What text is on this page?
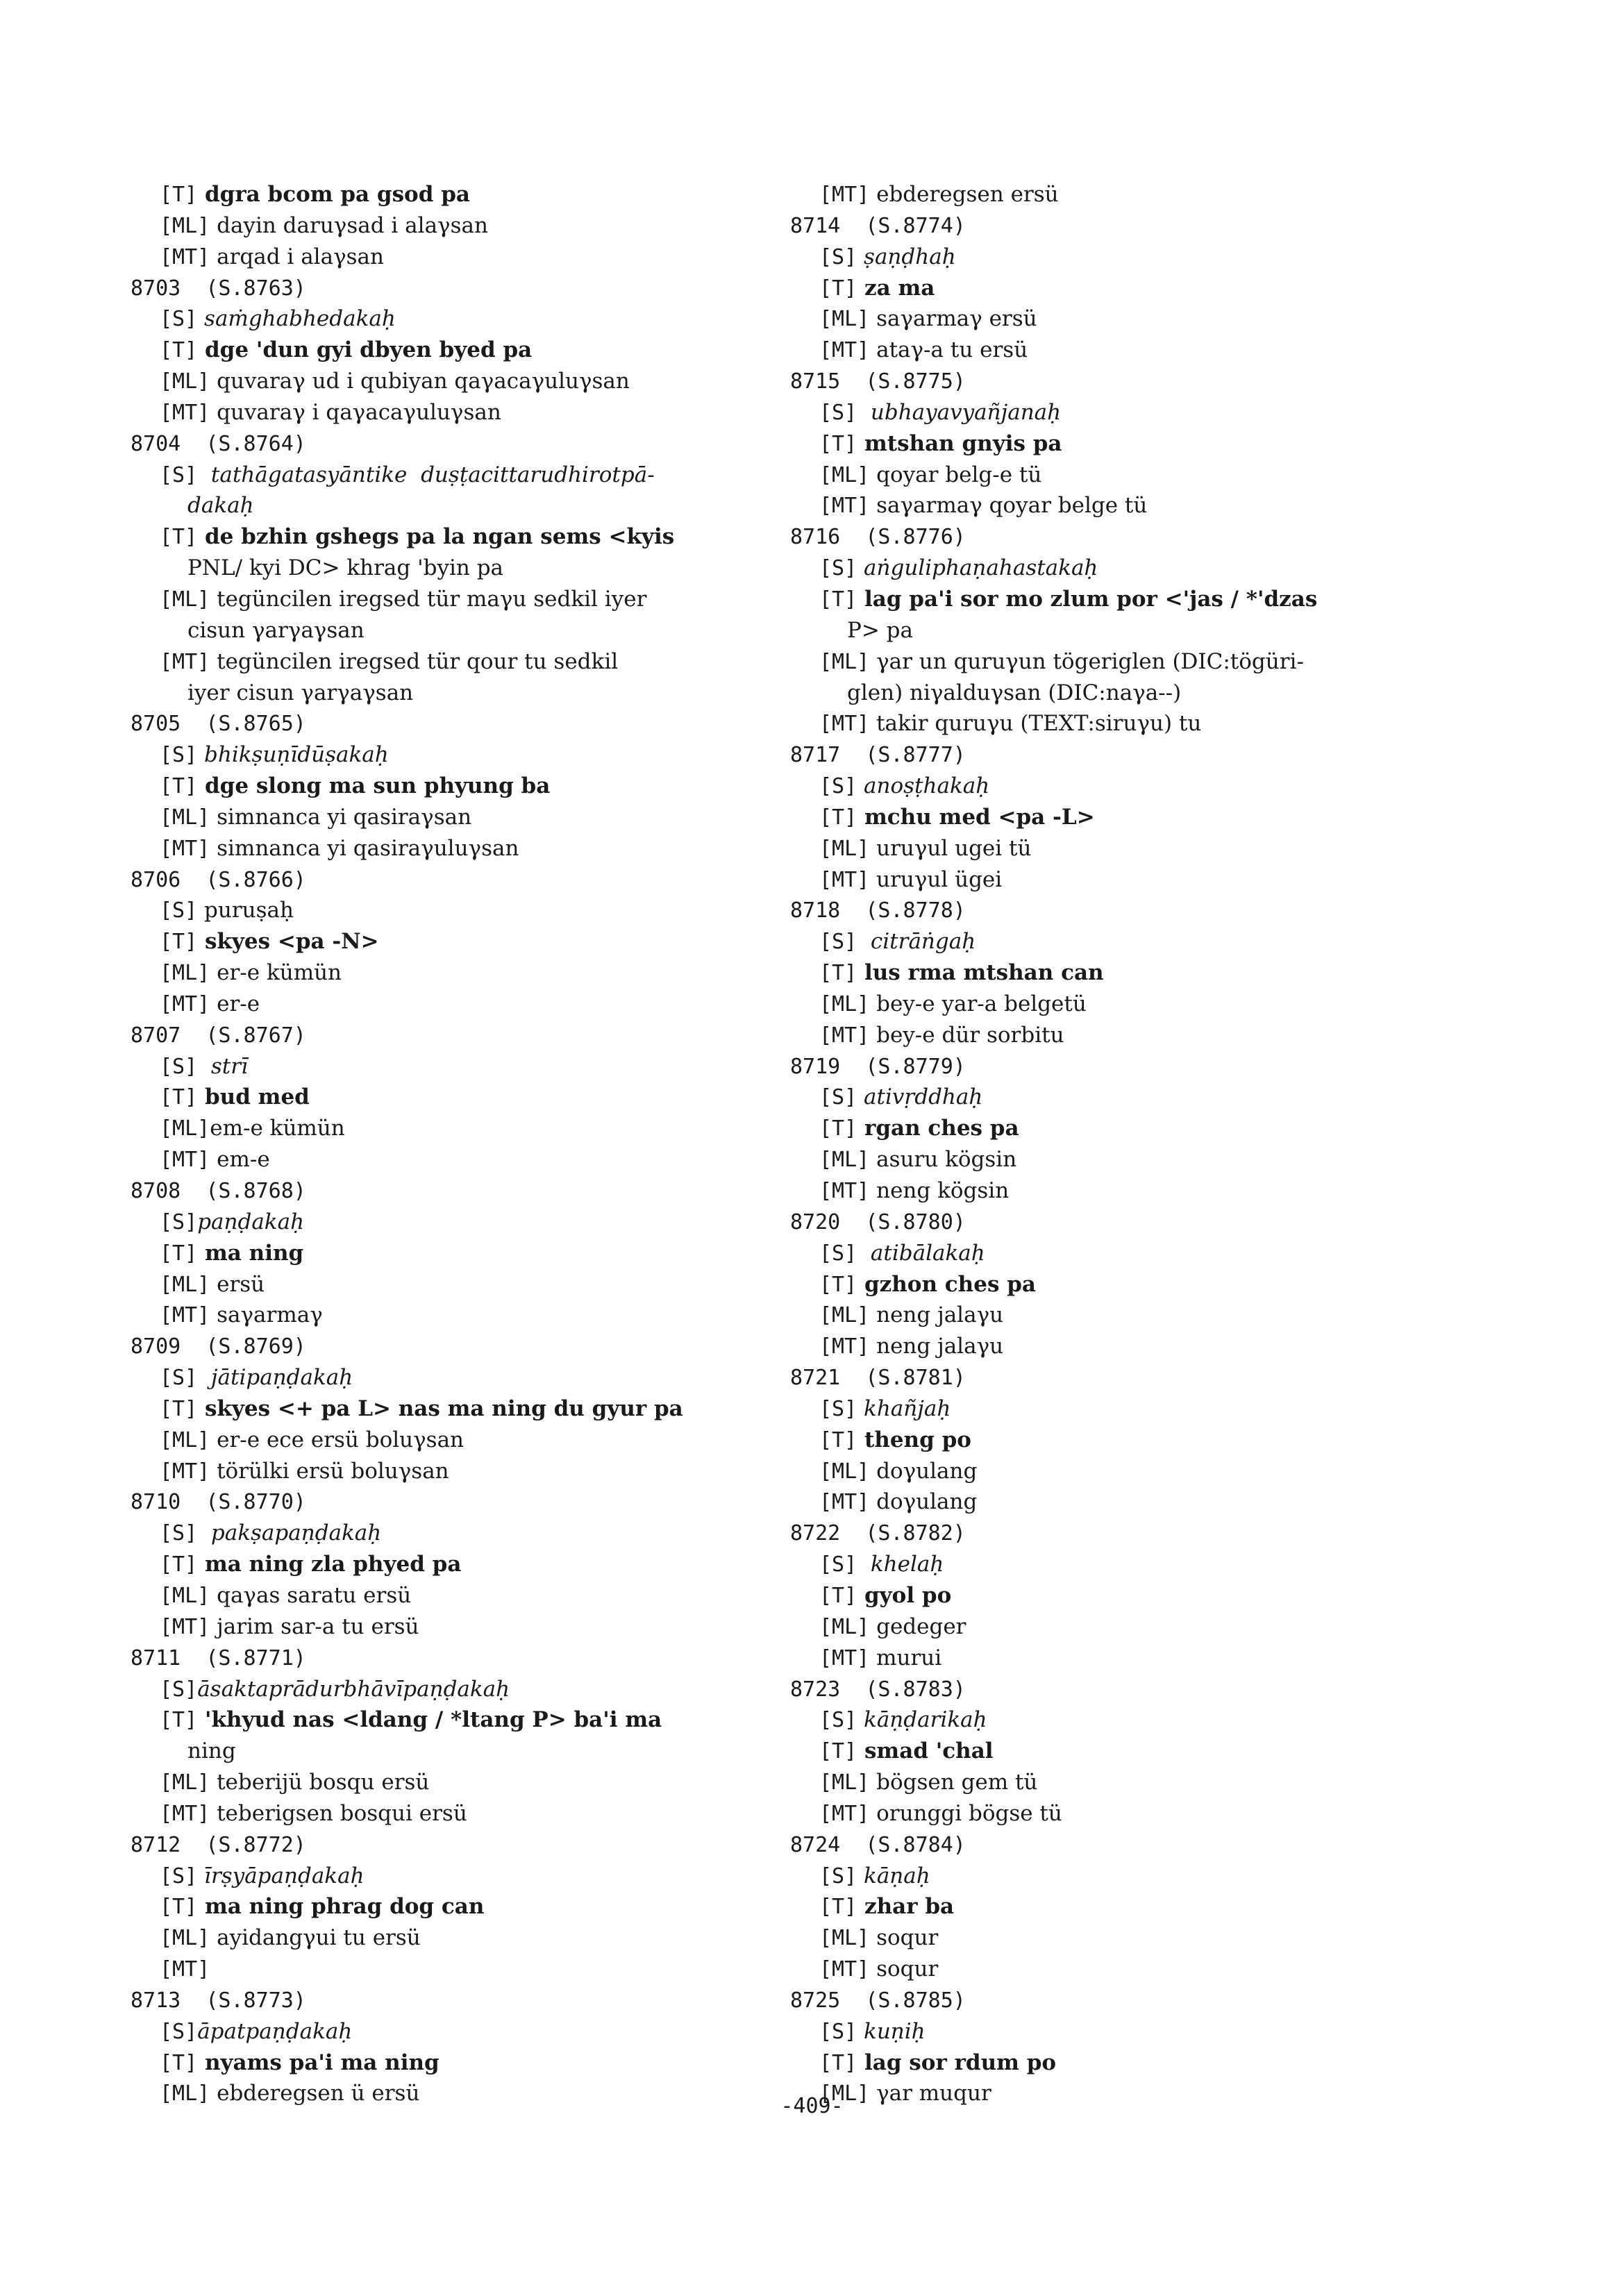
[T] dgra bcom pa gsod pa
[ML] dayin daruγsad i alaγsan
[MT] arqad i alaγsan
8703  (S.8763)
[S] saṁghabhedakaḥ
[T] dge 'dun gyi dbyen byed pa
[ML] quvaraγ ud i qubiyan qaγacaγuluγsan
[MT] quvaraγ i qaγacaγuluγsan
8704  (S.8764)
[S]  tathāgatasyāntike  duṣṭacittarudhirotpā-
dakaḥ
[T] de bzhin gshegs pa la ngan sems <kyis
PNL/ kyi DC> khrag 'byin pa
[ML] tegüncilen iregsed tür maγu sedkil iyer
cisun γarγaγsan
[MT] tegüncilen iregsed tür qour tu sedkil
iyer cisun γarγaγsan
8705  (S.8765)
[S] bhikṣuṇīdūṣakaḥ
[T] dge slong ma sun phyung ba
[ML] simnanca yi qasiraγsan
[MT] simnanca yi qasiraγuluγsan
8706  (S.8766)
[S] puruṣaḥ
[T] skyes <pa -N>
[ML] er-e kümün
[MT] er-e
8707  (S.8767)
[S]  strī
[T] bud med
[ML]em-e kümün
[MT] em-e
8708  (S.8768)
[S]paṇḍakaḥ
[T] ma ning
[ML] ersü
[MT] saγarmaγ
8709  (S.8769)
[S]  jātipaṇḍakaḥ
[T] skyes <+ pa L> nas ma ning du gyur pa
[ML] er-e ece ersü boluγsan
[MT] törülki ersü boluγsan
8710  (S.8770)
[S]  pakṣapaṇḍakaḥ
[T] ma ning zla phyed pa
[ML] qaγas saratu ersü
[MT] jarim sar-a tu ersü
8711  (S.8771)
[S]āsaktaprādurbhāvīpaṇḍakaḥ
[T] 'khyud nas <ldang / *ltang P> ba'i ma
ning
[ML] teberijü bosqu ersü
[MT] teberigsen bosqui ersü
8712  (S.8772)
[S] īrṣyāpaṇḍakaḥ
[T] ma ning phrag dog can
[ML] ayidangγui tu ersü
[MT]
8713  (S.8773)
[S]āpatpaṇḍakaḥ
[T] nyams pa'i ma ning
[ML] ebderegsen ü ersü
[MT] ebderegsen ersü
8714  (S.8774)
[S] ṣaṇḍhaḥ
[T] za ma
[ML] saγarmaγ ersü
[MT] ataγ-a tu ersü
8715  (S.8775)
[S]  ubhayavyañjanaḥ
[T] mtshan gnyis pa
[ML] qoyar belg-e tü
[MT] saγarmaγ qoyar belge tü
8716  (S.8776)
[S] aṅguliphaṇahastakaḥ
[T] lag pa'i sor mo zlum por <'jas / *'dzas
P> pa
[ML] γar un quruγun tögeriglen (DIC:tögüri-
glen) niγalduγsan (DIC:naγa--)
[MT] takir quruγu (TEXT:siruγu) tu
8717  (S.8777)
[S] anoṣṭhakaḥ
[T] mchu med <pa -L>
[ML] uruγul ugei tü
[MT] uruγul ügei
8718  (S.8778)
[S]  citrāṅgaḥ
[T] lus rma mtshan can
[ML] bey-e yar-a belgetü
[MT] bey-e dür sorbitu
8719  (S.8779)
[S] ativṛddhaḥ
[T] rgan ches pa
[ML] asuru kögsin
[MT] neng kögsin
8720  (S.8780)
[S]  atibālakaḥ
[T] gzhon ches pa
[ML] neng jalaγu
[MT] neng jalaγu
8721  (S.8781)
[S] khañjaḥ
[T] theng po
[ML] doγulang
[MT] doγulang
8722  (S.8782)
[S]  khelaḥ
[T] gyol po
[ML] gedeger
[MT] murui
8723  (S.8783)
[S] kāṇḍarikaḥ
[T] smad 'chal
[ML] bögsen gem tü
[MT] orunggi bögse tü
8724  (S.8784)
[S] kāṇaḥ
[T] zhar ba
[ML] soqur
[MT] soqur
8725  (S.8785)
[S] kuṇiḥ
[T] lag sor rdum po
[ML] γar muqur
-409-
